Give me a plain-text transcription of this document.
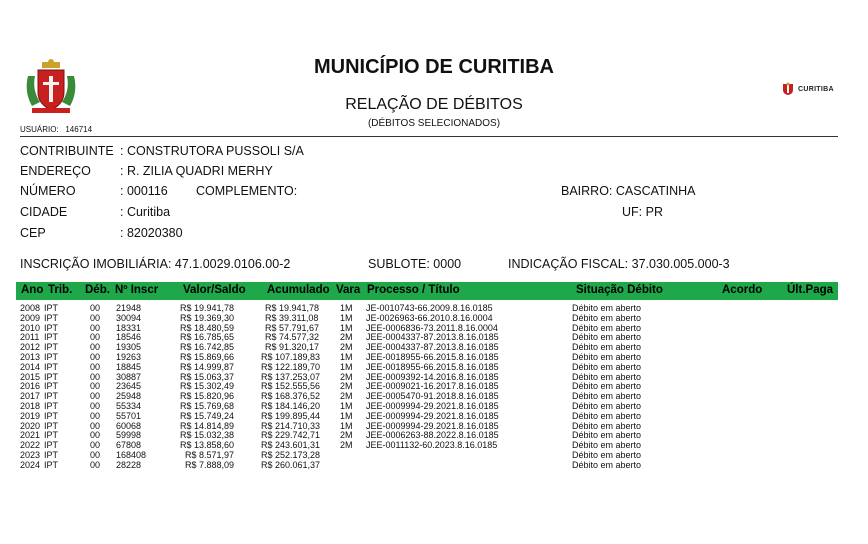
CURITIBA
MUNICÍPIO DE CURITIBA
RELAÇÃO DE DÉBITOS
(DÉBITOS SELECIONADOS)
USUÁRIO: 146714
CONTRIBUINTE : CONSTRUTORA PUSSOLI S/A
ENDEREÇO : R. ZILIA QUADRI MERHY
NÚMERO	: 000116 COMPLEMENTO:	BAIRRO: CASCATINHA
CIDADE	: Curitiba	UF: PR
CEP	: 82020380
INSCRIÇÃO IMOBILIÁRIA: 47.1.0029.0106.00-2	SUBLOTE: 0000	INDICAÇÃO FISCAL: 37.030.005.000-3
Ano Trib. Déb. Nº Inscr Valor/Saldo Acumulado Vara Processo / Título	Situação Débito	Acordo Últ.Paga
2008 IPT	00 21948	R$ 19.941,78	R$ 19.941,78 1M JE-0010743-66.2009.8.16.0185	Débito em aberto
2009 IPT	00 30094	R$ 19.369,30	R$ 39.311,08 1M JE-0026963-66.2010.8.16.0004	Débito em aberto
2010 IPT	00 18331	R$ 18.480,59	R$ 57.791,67 1M JEE-0006836-73.2011.8.16.0004	Débito em aberto
2011 IPT	00 18546	R$ 16.785,65	R$ 74.577,32 2M JEE-0004337-87.2013.8.16.0185	Débito em aberto
2012 IPT	00 19305	R$ 16.742,85	R$ 91.320,17 2M JEE-0004337-87.2013.8.16.0185	Débito em aberto
2013 IPT	00 19263	R$ 15.869,66	R$ 107.189,83 1M JEE-0018955-66.2015.8.16.0185	Débito em aberto
2014 IPT	00 18845	R$ 14.999,87	R$ 122.189,70 1M JEE-0018955-66.2015.8.16.0185	Débito em aberto
2015 IPT	00 30887	R$ 15.063,37	R$ 137.253,07 2M JEE-0009392-14.2016.8.16.0185	Débito em aberto
2016 IPT	00 23645	R$ 15.302,49	R$ 152.555,56 2M JEE-0009021-16.2017.8.16.0185	Débito em aberto
2017 IPT	00 25948	R$ 15.820,96	R$ 168.376,52 2M JEE-0005470-91.2018.8.16.0185	Débito em aberto
2018 IPT	00 55334	R$ 15.769,68	R$ 184.146,20 1M JEE-0009994-29.2021.8.16.0185	Débito em aberto
2019 IPT	00 55701	R$ 15.749,24	R$ 199.895,44 1M JEE-0009994-29.2021.8.16.0185	Débito em aberto
2020 IPT	00 60068	R$ 14.814,89	R$ 214.710,33 1M JEE-0009994-29.2021.8.16.0185	Débito em aberto
2021 IPT	00 59998	R$ 15.032,38	R$ 229.742,71 2M JEE-0006263-88.2022.8.16.0185	Débito em aberto
2022 IPT	00 67808	R$ 13.858,60	R$ 243.601,31 2M JEE-0011132-60.2023.8.16.0185	Débito em aberto
2023 IPT	00 168408	R$ 8.571,97	R$ 252.173,28	Débito em aberto
2024 IPT	00 28228	R$ 7.888,09	R$ 260.061,37	Débito em aberto
